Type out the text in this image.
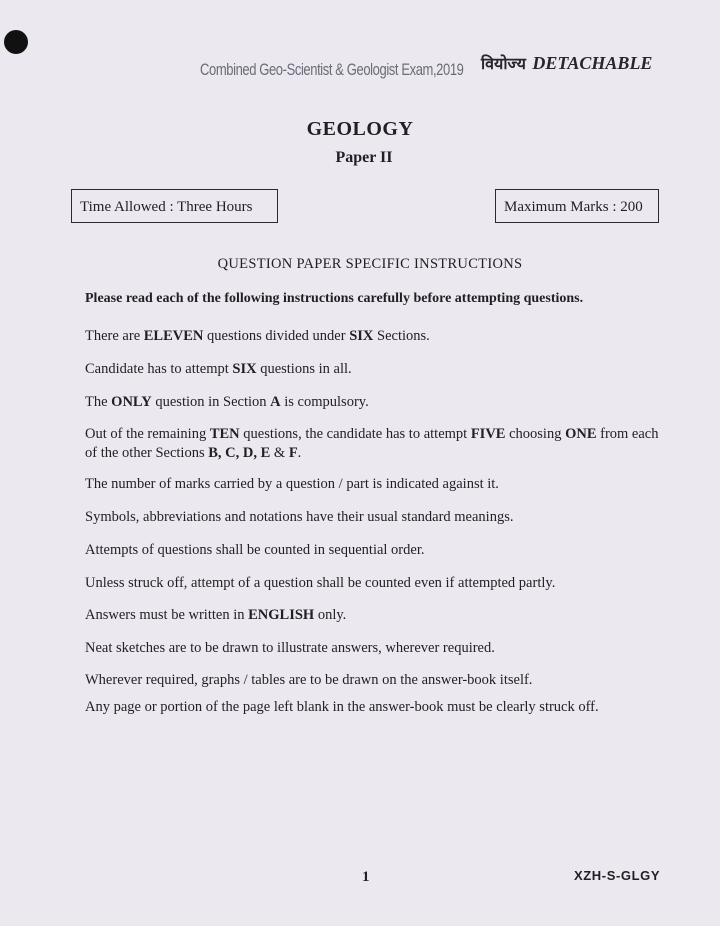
Combined Geo-Scientist & Geologist Exam,2019 वियोज्य DETACHABLE
GEOLOGY
Paper II
Time Allowed : Three Hours	Maximum Marks : 200
QUESTION PAPER SPECIFIC INSTRUCTIONS
Please read each of the following instructions carefully before attempting questions.
There are ELEVEN questions divided under SIX Sections.
Candidate has to attempt SIX questions in all.
The ONLY question in Section A is compulsory.
Out of the remaining TEN questions, the candidate has to attempt FIVE choosing ONE from each of the other Sections B, C, D, E & F.
The number of marks carried by a question / part is indicated against it.
Symbols, abbreviations and notations have their usual standard meanings.
Attempts of questions shall be counted in sequential order.
Unless struck off, attempt of a question shall be counted even if attempted partly.
Answers must be written in ENGLISH only.
Neat sketches are to be drawn to illustrate answers, wherever required.
Wherever required, graphs / tables are to be drawn on the answer-book itself.
Any page or portion of the page left blank in the answer-book must be clearly struck off.
1	XZH-S-GLGY
